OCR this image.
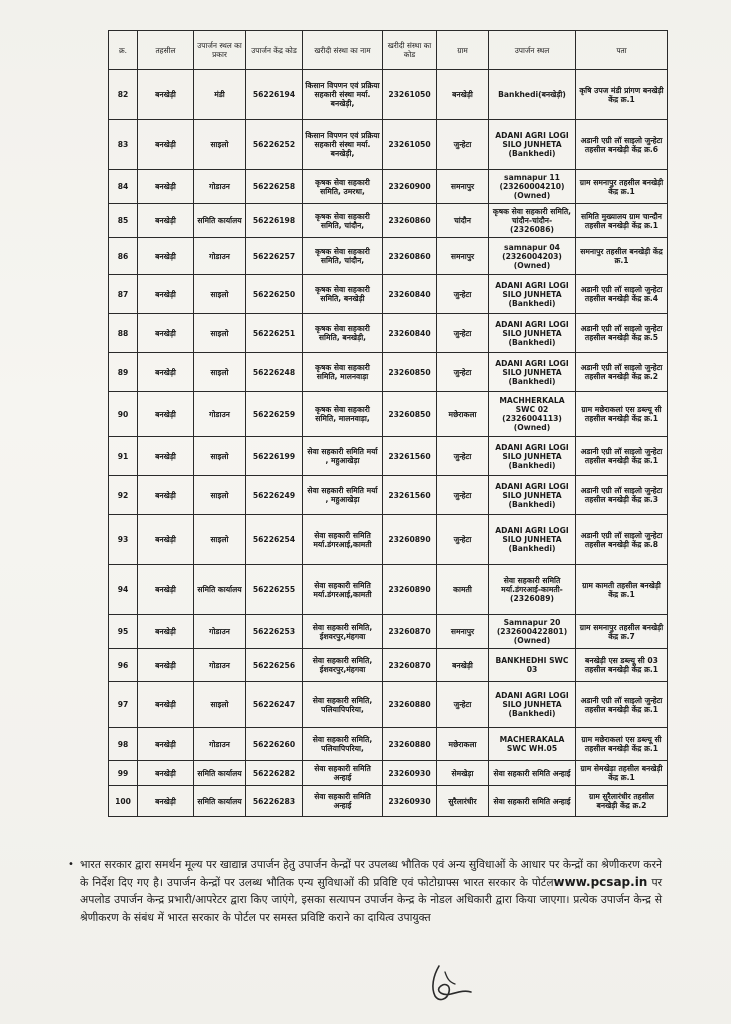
क्र.	तहसील	उपार्जन स्थल का प्रकार	उपार्जन केंद्र कोड	खरीदी संस्था का नाम	खरीदी संस्था का कोड	ग्राम	उपार्जन स्थल	पता
82	बनखेड़ी	मंडी	56226194	किसान विपणन एवं प्रक्रिया सहकारी संस्था मर्या. बनखेड़ी,	23261050	बनखेड़ी	Bankhedi(बनखेड़ी)	कृषि उपज मंडी प्रांगण बनखेड़ी केंद्र क्र.1
83	बनखेड़ी	साइलो	56226252	किसान विपणन एवं प्रक्रिया सहकारी संस्था मर्या. बनखेड़ी,	23261050	जुन्हेटा	ADANI AGRI LOGI SILO JUNHETA (Bankhedi)	अडानी एग्री लॉ साइलो जुन्हेटा तहसील बनखेड़ी केंद्र क्र.6
84	बनखेड़ी	गोडाउन	56226258	कृषक सेवा सहकारी समिति, उमरधा,	23260900	समनापुर	samnapur 11 (23260004210)(Owned)	ग्राम समनापुर तहसील बनखेड़ी केंद्र क्र.1
85	बनखेड़ी	समिति कार्यालय	56226198	कृषक सेवा सहकारी समिति, चांदौन,	23260860	चांदौन	कृषक सेवा सहकारी समिति, चांदौन-चांदौन-(2326086)	समिति मुख्यालय ग्राम चान्दौन तहसील बनखेड़ी केंद्र क्र.1
86	बनखेड़ी	गोडाउन	56226257	कृषक सेवा सहकारी समिति, चांदौन,	23260860	समनापुर	samnapur 04 (2326004203)(Owned)	समनापुर तहसील बनखेड़ी केंद्र क्र.1
87	बनखेड़ी	साइलो	56226250	कृषक सेवा सहकारी समिति, बनखेड़ी	23260840	जुन्हेटा	ADANI AGRI LOGI SILO JUNHETA (Bankhedi)	अडानी एग्री लॉ साइलो जुन्हेटा तहसील बनखेड़ी केंद्र क्र.4
88	बनखेड़ी	साइलो	56226251	कृषक सेवा सहकारी समिति, बनखेड़ी,	23260840	जुन्हेटा	ADANI AGRI LOGI SILO JUNHETA (Bankhedi)	अडानी एग्री लॉ साइलो जुन्हेटा तहसील बनखेड़ी केंद्र क्र.5
89	बनखेड़ी	साइलो	56226248	कृषक सेवा सहकारी समिति, मालनवाड़ा	23260850	जुन्हेटा	ADANI AGRI LOGI SILO JUNHETA (Bankhedi)	अडानी एग्री लॉ साइलो जुन्हेटा तहसील बनखेड़ी केंद्र क्र.2
90	बनखेड़ी	गोडाउन	56226259	कृषक सेवा सहकारी समिति, मालनवाड़ा,	23260850	मछेराकला	MACHHERKALA SWC 02 (2326004113)(Owned)	ग्राम मछेराकलां एस डब्ल्यू सी तहसील बनखेड़ी केंद्र क्र.1
91	बनखेड़ी	साइलो	56226199	सेवा सहकारी समिति मर्या , महुआखेड़ा	23261560	जुन्हेटा	ADANI AGRI LOGI SILO JUNHETA (Bankhedi)	अडानी एग्री लॉ साइलो जुन्हेटा तहसील बनखेड़ी केंद्र क्र.1
92	बनखेड़ी	साइलो	56226249	सेवा सहकारी समिति मर्या , महुआखेड़ा	23261560	जुन्हेटा	ADANI AGRI LOGI SILO JUNHETA (Bankhedi)	अडानी एग्री लॉ साइलो जुन्हेटा तहसील बनखेड़ी केंद्र क्र.3
93	बनखेड़ी	साइलो	56226254	सेवा सहकारी समिति मर्या.डंगरआई,कामती	23260890	जुन्हेटा	ADANI AGRI LOGI SILO JUNHETA (Bankhedi)	अडानी एग्री लॉ साइलो जुन्हेटा तहसील बनखेड़ी केंद्र क्र.8
94	बनखेड़ी	समिति कार्यालय	56226255	सेवा सहकारी समिति मर्या.डंगरआई,कामती	23260890	कामती	सेवा सहकारी समिति मर्या.डंगरआई-कामती-(2326089)	ग्राम कामती तहसील बनखेड़ी केंद्र क्र.1
95	बनखेड़ी	गोडाउन	56226253	सेवा सहकारी समिति, ईशवरपुर,मंहगवा	23260870	समनापुर	Samnapur 20 (232600422801)(Owned)	ग्राम समनापुर तहसील बनखेड़ी केंद्र क्र.7
96	बनखेड़ी	गोडाउन	56226256	सेवा सहकारी समिति, ईशवरपुर,मंहगवा	23260870	बनखेड़ी	BANKHEDHI SWC 03	बनखेड़ी एस डब्ल्यू सी 03 तहसील बनखेड़ी केंद्र क्र.1
97	बनखेड़ी	साइलो	56226247	सेवा सहकारी समिति, पलियापिपरिया,	23260880	जुन्हेटा	ADANI AGRI LOGI SILO JUNHETA (Bankhedi)	अडानी एग्री लॉ साइलो जुन्हेटा तहसील बनखेड़ी केंद्र क्र.1
98	बनखेड़ी	गोडाउन	56226260	सेवा सहकारी समिति, पलियापिपरिया,	23260880	मछेराकला	MACHERAKALA SWC WH.05	ग्राम मछेराकलां एस डब्ल्यू सी तहसील बनखेड़ी केंद्र क्र.1
99	बनखेड़ी	समिति कार्यालय	56226282	सेवा सहकारी समिति अन्हाई	23260930	सेमखेड़ा	सेवा सहकारी समिति अन्हाई	ग्राम सेमखेड़ा तहसील बनखेड़ी केंद्र क्र.1
100	बनखेड़ी	समिति कार्यालय	56226283	सेवा सहकारी समिति अन्हाई	23260930	सुरैलारंधीर	सेवा सहकारी समिति अन्हाई	ग्राम सुरैलारंधीर तहसील बनखेड़ी केंद्र क्र.2
• भारत सरकार द्वारा समर्थन मूल्य पर खाद्यान्न उपार्जन हेतु उपार्जन केन्द्रों पर उपलब्ध भौतिक एवं अन्य सुविधाओं के आधार पर केन्द्रों का श्रेणीकरण करने के निर्देश दिए गए है। उपार्जन केन्द्रों पर उलब्ध भौतिक एन्य सुविधाओं की प्रविष्टि एवं फोटोग्राफ्स भारत सरकार के पोर्टलwww.pcsap.in पर अपलोड उपार्जन केन्द्र प्रभारी/आपरेटर द्वारा किए जाएंगे, इसका सत्यापन उपार्जन केन्द्र के नोडल अधिकारी द्वारा किया जाएगा। प्रत्येक उपार्जन केन्द्र से श्रेणीकरण के संबंध में भारत सरकार के पोर्टल पर समस्त प्रविष्टि कराने का दायित्व उपायुक्त
